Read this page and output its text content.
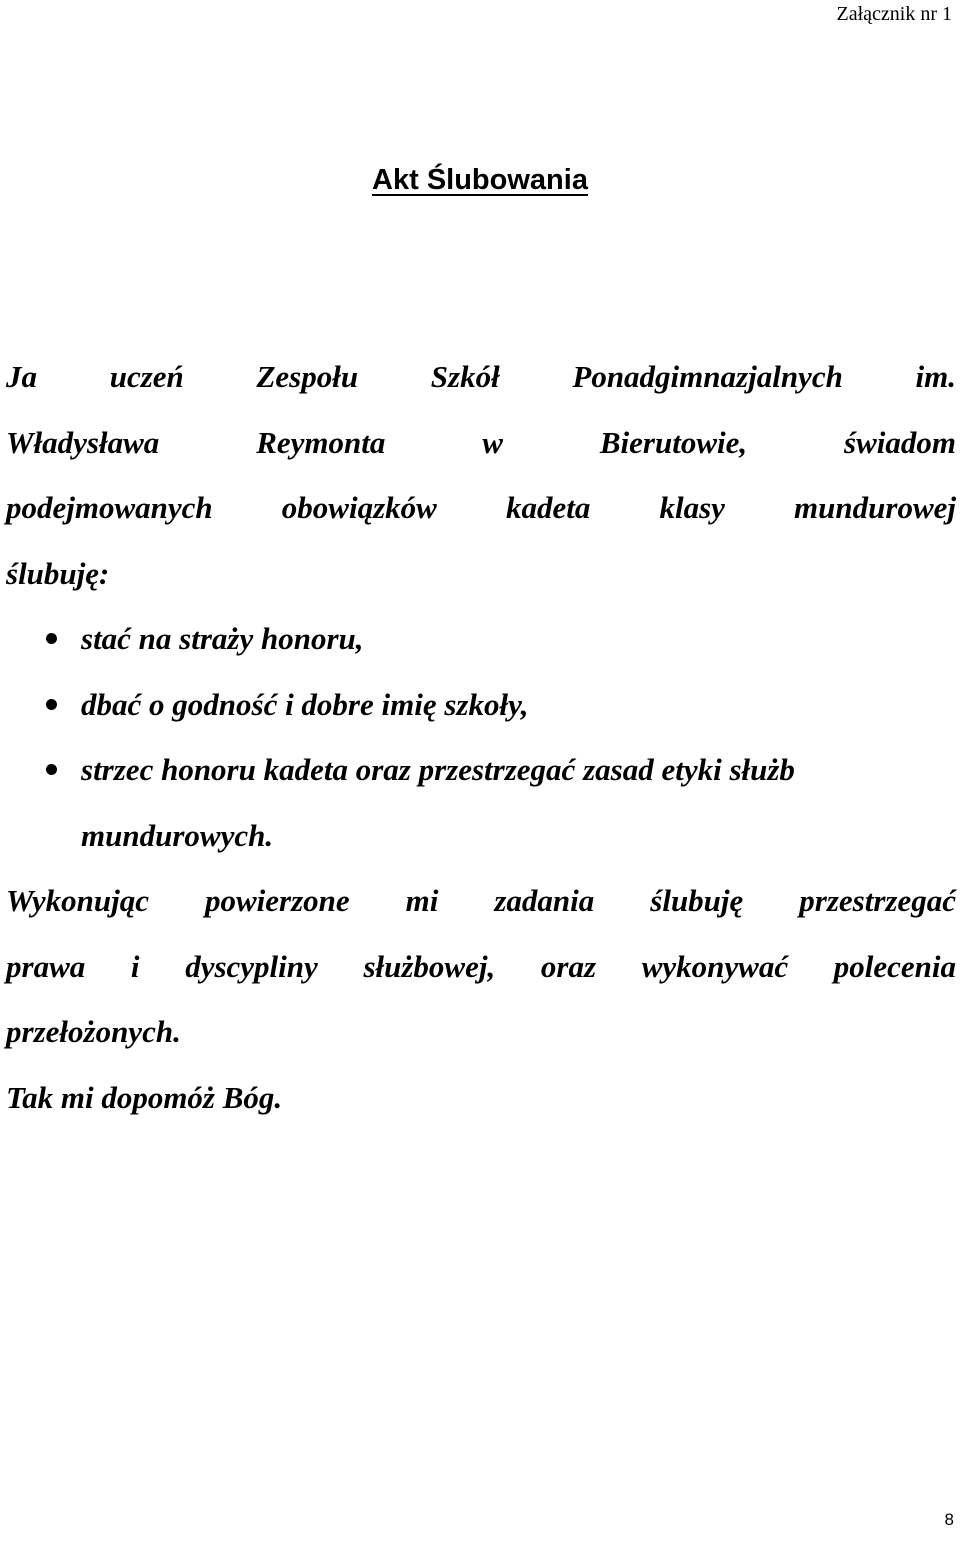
Załącznik nr 1
Akt Ślubowania
Ja uczeń Zespołu Szkół Ponadgimnazjalnych im.
Władysława Reymonta w Bierutowie, świadom
podejmowanych obowiązków kadeta klasy mundurowej
ślubuję:
stać na straży honoru,
dbać o godność i dobre imię szkoły,
strzec honoru kadeta oraz przestrzegać zasad etyki służb mundurowych.
Wykonując powierzone mi zadania ślubuję przestrzegać
prawa i dyscypliny służbowej, oraz wykonywać polecenia

przełożonych.

Tak mi dopomóż Bóg.

8
